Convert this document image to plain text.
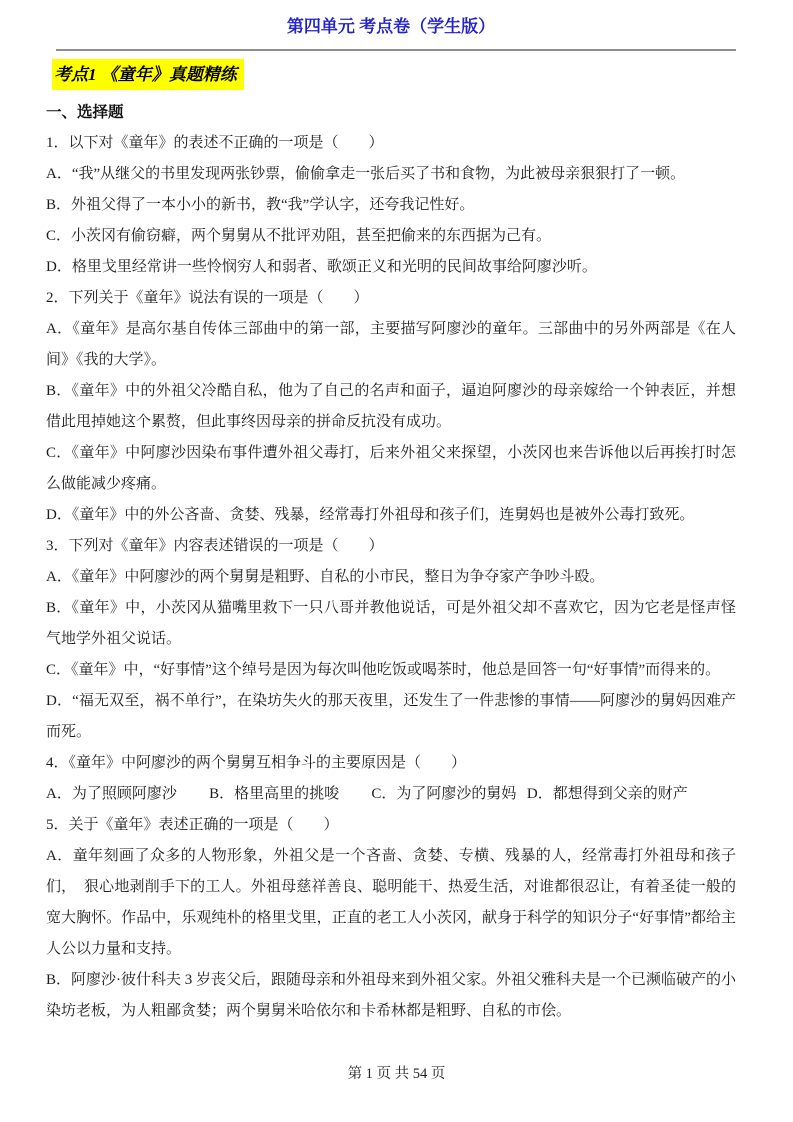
第四单元 考点卷（学生版）
考点1 《童年》真题精练
一、选择题

1．以下对《童年》的表述不正确的一项是（　　）

A．“我”从继父的书里发现两张钞票，偷偷拿走一张后买了书和食物，为此被母亲狠狠打了一顿。

B．外祖父得了一本小小的新书，教“我”学认字，还夸我记性好。

C．小茨冈有偷窃癖，两个舅舅从不批评劝阻，甚至把偷来的东西据为己有。

D．格里戈里经常讲一些怜悯穷人和弱者、歌颂正义和光明的民间故事给阿廖沙听。

2．下列关于《童年》说法有误的一项是（　　）

A．《童年》是高尔基自传体三部曲中的第一部，主要描写阿廖沙的童年。三部曲中的另外两部是《在人间》《我的大学》。

B．《童年》中的外祖父冷酷自私，他为了自己的名声和面子，逼迫阿廖沙的母亲嫁给一个钟表匠，并想借此甩掉她这个累赘，但此事终因母亲的拼命反抗没有成功。

C．《童年》中阿廖沙因染布事件遭外祖父毒打，后来外祖父来探望，小茨冈也来告诉他以后再挨打时怎么做能减少疼痛。

D．《童年》中的外公吝啬、贪婪、残暴，经常毒打外祖母和孩子们，连舅妈也是被外公毒打致死。

3．下列对《童年》内容表述错误的一项是（　　）

A．《童年》中阿廖沙的两个舅舅是粗野、自私的小市民，整日为争夺家产争吵斗殴。

B．《童年》中，小茨冈从猫嘴里救下一只八哥并教他说话，可是外祖父却不喜欢它，因为它老是怪声怪气地学外祖父说话。

C．《童年》中，“好事情”这个绰号是因为每次叫他吃饭或喝茶时，他总是回答一句“好事情”而得来的。

D．“福无双至，祸不单行”，在染坊失火的那天夜里，还发生了一件悲惨的事情——阿廖沙的舅妈因难产而死。

4．《童年》中阿廖沙的两个舅舅互相争斗的主要原因是（　　）

A．为了照顾阿廖沙 B．格里高里的挑唆 C．为了阿廖沙的舅妈 D．都想得到父亲的财产

5．关于《童年》表述正确的一项是（　　）

A．童年刻画了众多的人物形象，外祖父是一个吝啬、贪婪、专横、残暴的人，经常毒打外祖母和孩子们，　狠心地剥削手下的工人。外祖母慈祥善良、聪明能干、热爱生活，对谁都很忍让，有着圣徒一般的宽大胸怀。作品中，乐观纯朴的格里戈里，正直的老工人小茨冈，献身于科学的知识分子“好事情”都给主人公以力量和支持。

B．阿廖沙·彼什科夫 3 岁丧父后，跟随母亲和外祖母来到外祖父家。外祖父雅科夫是一个已濒临破产的小染坊老板，为人粗鄙贪婪；两个舅舅米哈依尔和卡希林都是粗野、自私的市侩。

第 1 页 共 54 页
